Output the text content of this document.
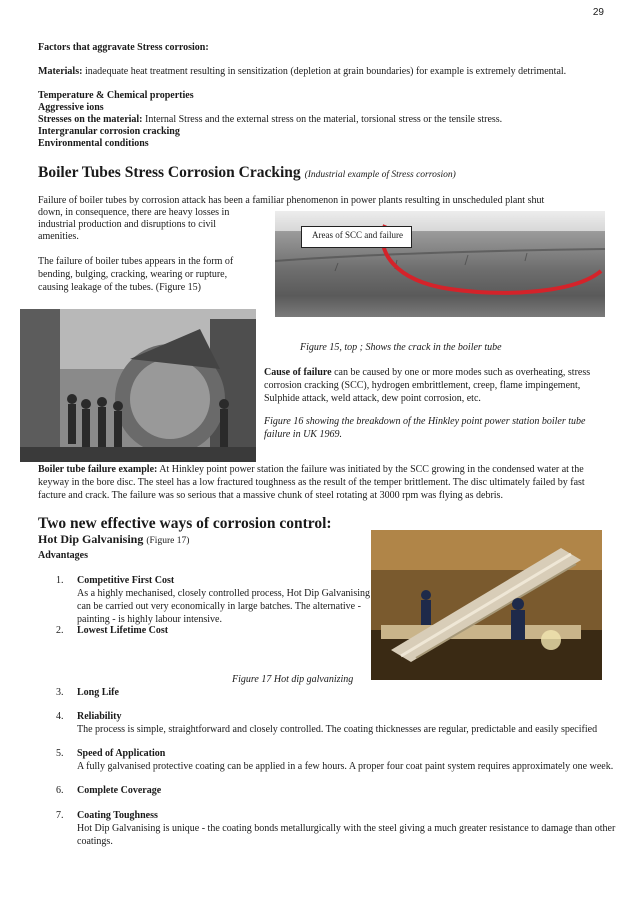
29
Factors that aggravate Stress corrosion:

Materials: inadequate heat treatment resulting in sensitization (depletion at grain boundaries) for example is extremely detrimental.

Temperature & Chemical properties
Aggressive ions

Stresses on the material: Internal Stress and the external stress on the material, torsional stress or the tensile stress.

Intergranular corrosion cracking
Environmental conditions
Boiler Tubes Stress Corrosion Cracking (Industrial example of Stress corrosion)
Failure of boiler tubes by corrosion attack has been a familiar phenomenon in power plants resulting in unscheduled plant shut
down, in consequence, there are heavy losses in
industrial production and disruptions to civil
amenities.

The failure of boiler tubes appears in the form of bending, bulging, cracking, wearing or rupture, causing leakage of the tubes. (Figure 15)

Areas of SCC and failure
Figure 15, top ; Shows the crack in the boiler tube

Cause of failure can be caused by one or more modes such as overheating, stress corrosion cracking (SCC), hydrogen embrittlement, creep, flame impingement, Sulphide attack, weld attack, dew point corrosion, etc.

Figure 16 showing the breakdown of the Hinkley point power station boiler tube failure in UK 1969.

Boiler tube failure example: At Hinkley point power station the failure was initiated by the SCC growing in the condensed water at the keyway in the bore disc. The steel has a low fractured toughness as the result of the temper brittlement. The disc ultimately failed by fast facture and crack. The failure was so serious that a massive chunk of steel rotating at 3000 rpm was flying as debris.

Two new effective ways of corrosion control:
Hot Dip Galvanising (Figure 17)
Advantages
Figure 17 Hot dip galvanizing
1. Competitive First Cost
As a highly mechanised, closely controlled process, Hot Dip Galvanising can be carried out very economically in large batches. The alternative - painting - is highly labour intensive.
2. Lowest Lifetime Cost
3. Long Life
4. Reliability
The process is simple, straightforward and closely controlled. The coating thicknesses are regular, predictable and easily specified
5. Speed of Application
A fully galvanised protective coating can be applied in a few hours. A proper four coat paint system requires approximately one week.
6. Complete Coverage
7. Coating Toughness
Hot Dip Galvanising is unique - the coating bonds metallurgically with the steel giving a much greater resistance to damage than other coatings.
